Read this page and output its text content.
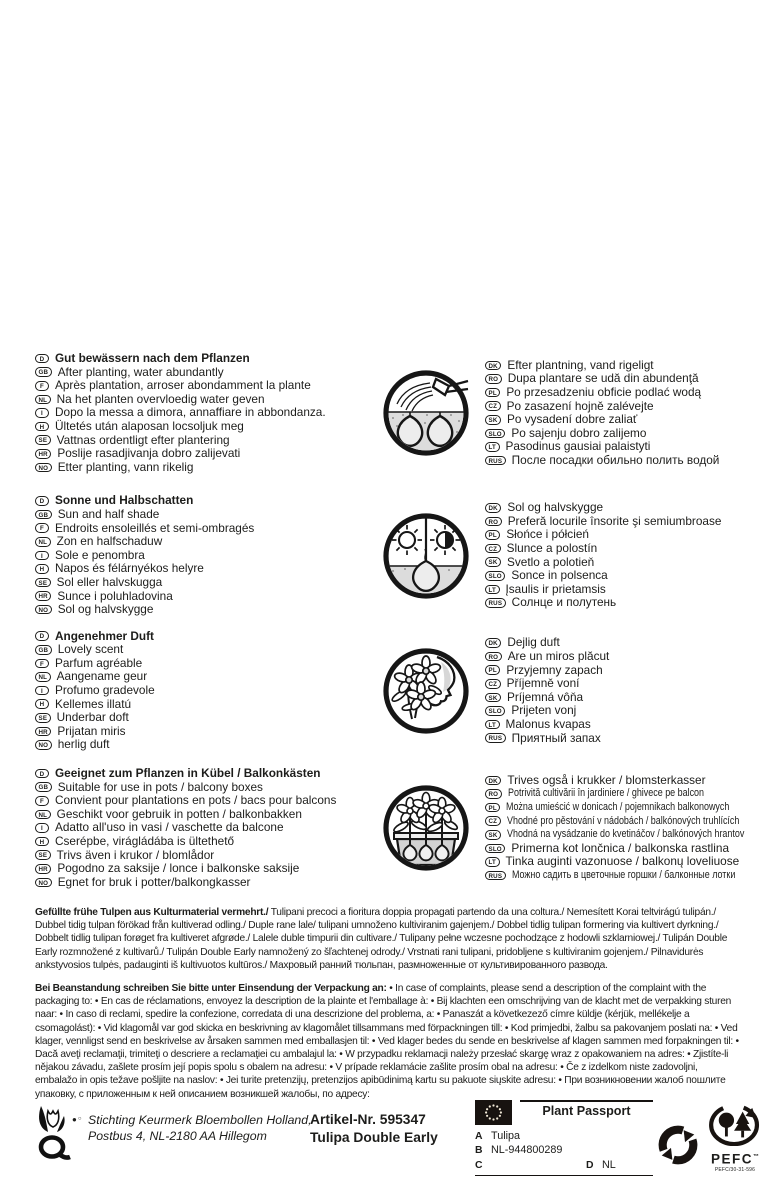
D Gut bewässern nach dem Pflanzen
GB After planting, water abundantly
F Après plantation, arroser abondamment la plante
NL Na het planten overvloedig water geven
I	Dopo la messa a dimora, annaffiare in abbondanza.
H Ültetés után alaposan locsoljuk meg
SE Vattnas ordentligt efter plantering
HR Poslije rasadjivanja dobro zalijevati
NO Etter planting, vann rikelig
DK Efter plantning, vand rigeligt
RO Dupa plantare se udă din abundenţă
PL Po przesadzeniu obficie podlać wodą
CZ Po zasazení hojně zalévejte
SK Po vysadení dobre zaliať
SLO Po sajenju dobro zalijemo
LT Pasodinus gausiai palaistyti
RUS После посадки обильно полить водой
D Sonne und Halbschatten
GB Sun and half shade
F Endroits ensoleillés et semi-ombragés
NL Zon en halfschaduw
I	Sole e penombra
H Napos és félárnyékos helyre
SE Sol eller halvskugga
HR Sunce i poluhladovina
NO Sol og halvskygge
DK Sol og halvskygge
RO Preferă locurile însorite şi semiumbroase
PL Słońce i półcień
CZ Slunce a polostín
SK Svetlo a polotieň
SLO Sonce in polsenca
LT Įsaulis ir prietamsis
RUS Солнце и полутень
D Angenehmer Duft
GB Lovely scent
F Parfum agréable
NL Aangename geur
I	Profumo gradevole
H Kellemes illatú
SE Underbar doft
HR Prijatan miris
NO herlig duft
DK Dejlig duft
RO Are un miros plăcut
PL Przyjemny zapach
CZ Příjemně voní
SK Príjemná vôňa
SLO Prijeten vonj
LT Malonus kvapas
RUS Приятный запах
D Geeignet zum Pflanzen in Kübel / Balkonkästen
GB Suitable for use in pots / balcony boxes
F Convient pour plantations en pots / bacs pour balcons
NL Geschikt voor gebruik in potten / balkonbakken
I	Adatto all'uso in vasi / vaschette da balcone
H Cserépbe, virágládába is ültethető
SE Trivs även i krukor / blomlådor
HR Pogodno za saksije / lonce i balkonske saksije
NO Egnet for bruk i potter/balkongkasser
DK Trives også i krukker / blomsterkasser
RO Potrivită cultivării în jardiniere / ghivece pe balcon
PL Można umieścić w donicach / pojemnikach balkonowych
CZ Vhodné pro pěstování v nádobách / balkónových truhlících
SK Vhodná na vysádzanie do kvetináčov / balkónových hrantov
SLO Primerna kot lončnica / balkonska rastlina
LT Tinka auginti vazonuose / balkonų loveliuose
RUS Можно садить в цветочные горшки / балконные лотки

Gefüllte frühe Tulpen aus Kulturmaterial vermehrt./ Tulipani precoci a fioritura doppia propagati partendo da una coltura./ Nemesített Korai teltvirágú tulipán./ Dubbel tidig tulpan förökad från kultiverad odling./ Duple rane lale/ tulipani umnoženo kultiviranim gajenjem./ Dobbel tidlig tulipan formering via kultivert dyrkning./ Dobbelt tidlig tulipan forøget fra kultiveret afgrøde./ Lalele duble timpurii din cultivare./ Tulipany pełne wczesne pochodzące z hodowli szklarniowej./ Tulipán Double Early rozmnožené z kultivarů./ Tulipán Double Early namnožený zo šľachtenej odrody./ Vrstnati rani tulipani, pridobljene s kultiviranim gojenjem./ Pilnavidurės ankstyvosios tulpės, padauginti iš kultivuotos kultūros./ Махровый ранний тюльпан, размноженные от культивированного развода.

Bei Beanstandung schreiben Sie bitte unter Einsendung der Verpackung an: • In case of complaints, please send a description of the complaint with the packaging to: • En cas de réclamations, envoyez la description de la plainte et l'emballage à: • Bij klachten een omschrijving van de klacht met de verpakking sturen naar: • In caso di reclami, spedire la confezione, corredata di una descrizione del problema, a: • Panaszát a következező címre küldje (kérjük, mellékelje a csomagolást): • Vid klagomål var god skicka en beskrivning av klagomålet tillsammans med förpackningen till: • Kod primjedbi, žalbu sa pakovanjem poslati na: • Ved klager, vennligst send en beskrivelse av årsaken sammen med emballasjen til: • Ved klager bedes du sende en beskrivelse af klagen sammen med forpakningen til: • Dacă aveţi reclamaţii, trimiteţi o descriere a reclamaţiei cu ambalajul la: • W przypadku reklamacji należy przesłać skargę wraz z opakowaniem na adres: • Zjistíte-li nějakou závadu, zašlete prosím její popis spolu s obalem na adresu: • V prípade reklamácie zašlite prosím obal na adresu: • Če z izdelkom niste zadovoljni, embalažo in opis težave pošljite na naslov: • Jei turite pretenzijų, pretenzijos apibūdinimą kartu su pakuote siųskite adresu: • При возникновении жалоб пошлите упаковку, с приложенным к ней описанием возникшей жалобы, по адресу:

●○ Stichting Keurmerk Bloembollen Holland,
Postbus 4, NL-2180 AA Hillegom
Artikel-Nr. 595347
Tulipa Double Early
Plant Passport
A Tulipa
B NL-944800289
C	D NL	PEFC™
PEFC/30-31-596
